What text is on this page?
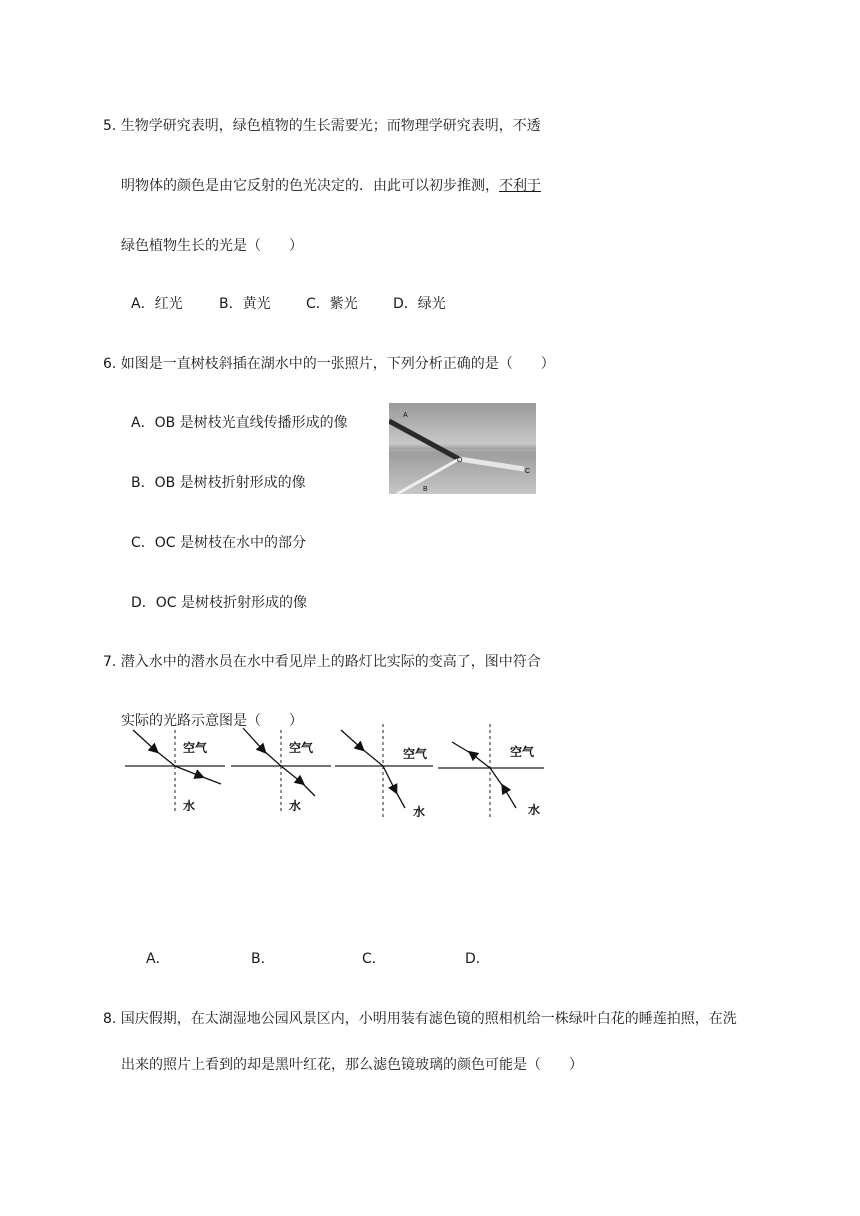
5. 生物学研究表明，绿色植物的生长需要光；而物理学研究表明，不透
明物体的颜色是由它反射的色光决定的．由此可以初步推测，不利于
绿色植物生长的光是（　　）
A．红光	B．黄光	C．紫光	D．绿光
6. 如图是一直树枝斜插在湖水中的一张照片，下列分析正确的是（　　）
A．OB 是树枝光直线传播形成的像
B．OB 是树枝折射形成的像
C．OC 是树枝在水中的部分
D．OC 是树枝折射形成的像
A
O
B
C
7. 潜入水中的潜水员在水中看见岸上的路灯比实际的变高了，图中符合
实际的光路示意图是（　　）
空气
水
空气
水
空气
水
空气
水
A．	B．	C．	D．
8. 国庆假期，在太湖湿地公园风景区内，小明用装有滤色镜的照相机给一株绿叶白花的睡莲拍照，在洗
出来的照片上看到的却是黑叶红花，那么滤色镜玻璃的颜色可能是（　　）
